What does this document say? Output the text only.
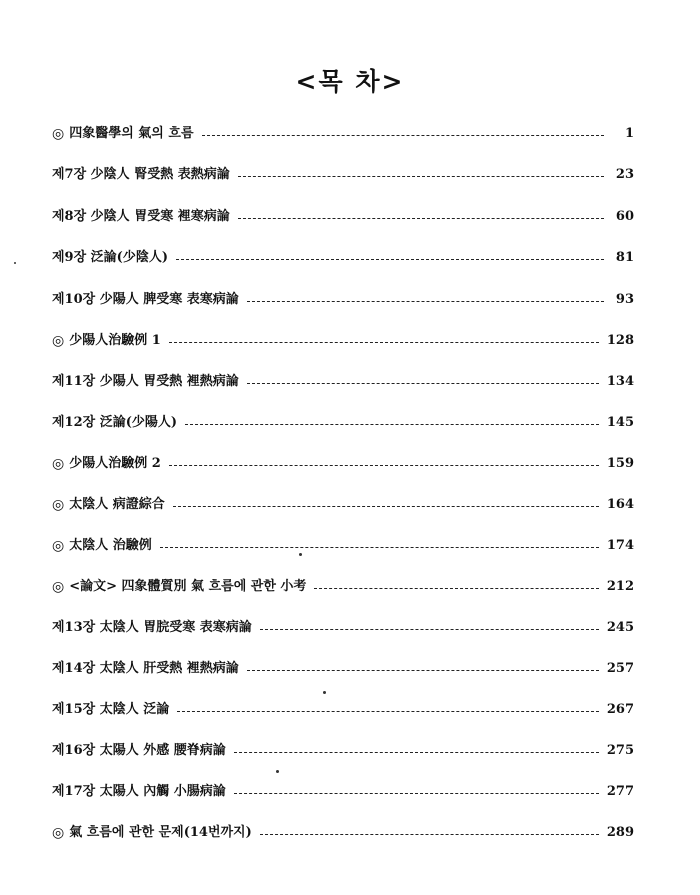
<목 차>
◎ 四象醫學의 氣의 흐름	1
제7장 少陰人 腎受熱 表熱病論	23
제8장 少陰人 胃受寒 裡寒病論	60
제9장 泛論(少陰人)	81
제10장 少陽人 脾受寒 表寒病論	93
◎ 少陽人治驗例 1	128
제11장 少陽人 胃受熱 裡熱病論	134
제12장 泛論(少陽人)	145
◎ 少陽人治驗例 2	159
◎ 太陰人 病證綜合	164
◎ 太陰人 治驗例	174
◎ <論文> 四象體質別 氣 흐름에 관한 小考	212
제13장 太陰人 胃脘受寒 表寒病論	245
제14장 太陰人 肝受熱 裡熱病論	257
제15장 太陰人 泛論	267
제16장 太陽人 外感 腰脊病論	275
제17장 太陽人 內觸 小腸病論	277
◎ 氣 흐름에 관한 문제(14번까지)	289
